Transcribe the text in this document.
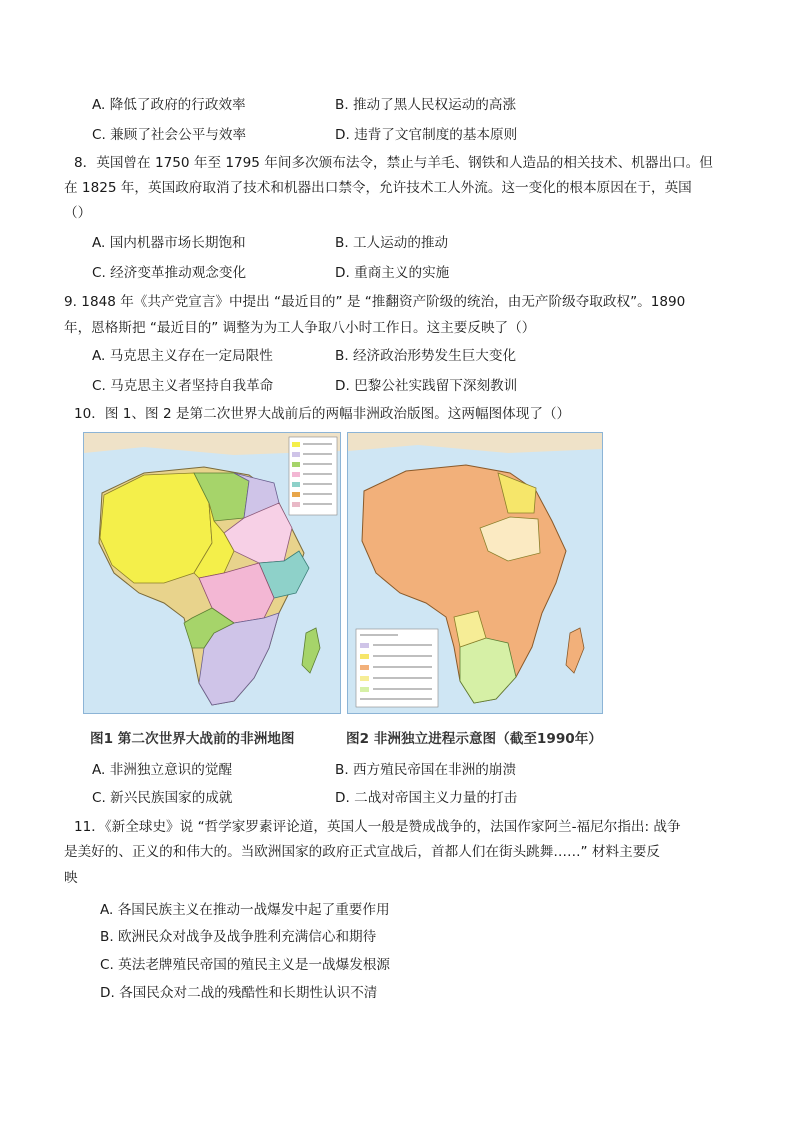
A. 降低了政府的行政效率	B. 推动了黑人民权运动的高涨
C. 兼顾了社会公平与效率	D. 违背了文官制度的基本原则
8．英国曾在 1750 年至 1795 年间多次颁布法令，禁止与羊毛、钢铁和人造品的相关技术、机器出口。但
在 1825 年，英国政府取消了技术和机器出口禁令，允许技术工人外流。这一变化的根本原因在于，英国
（）
A. 国内机器市场长期饱和	B. 工人运动的推动
C. 经济变革推动观念变化	D. 重商主义的实施
9. 1848 年《共产党宣言》中提出 “最近目的” 是 “推翻资产阶级的统治，由无产阶级夺取政权”。1890
年，恩格斯把 “最近目的” 调整为为工人争取八小时工作日。这主要反映了（）
A. 马克思主义存在一定局限性	B. 经济政治形势发生巨大变化
C. 马克思主义者坚持自我革命	D. 巴黎公社实践留下深刻教训
10．图 1、图 2 是第二次世界大战前后的两幅非洲政治版图。这两幅图体现了（）
图1 第二次世界大战前的非洲地图	图2 非洲独立进程示意图（截至1990年）
A. 非洲独立意识的觉醒	B. 西方殖民帝国在非洲的崩溃
C. 新兴民族国家的成就	D. 二战对帝国主义力量的打击
11．《新全球史》说 “哲学家罗素评论道，英国人一般是赞成战争的，法国作家阿兰-福尼尔指出: 战争
是美好的、正义的和伟大的。当欧洲国家的政府正式宣战后，首都人们在街头跳舞……” 材料主要反
映
A. 各国民族主义在推动一战爆发中起了重要作用
B. 欧洲民众对战争及战争胜利充满信心和期待
C. 英法老牌殖民帝国的殖民主义是一战爆发根源
D. 各国民众对二战的残酷性和长期性认识不清
